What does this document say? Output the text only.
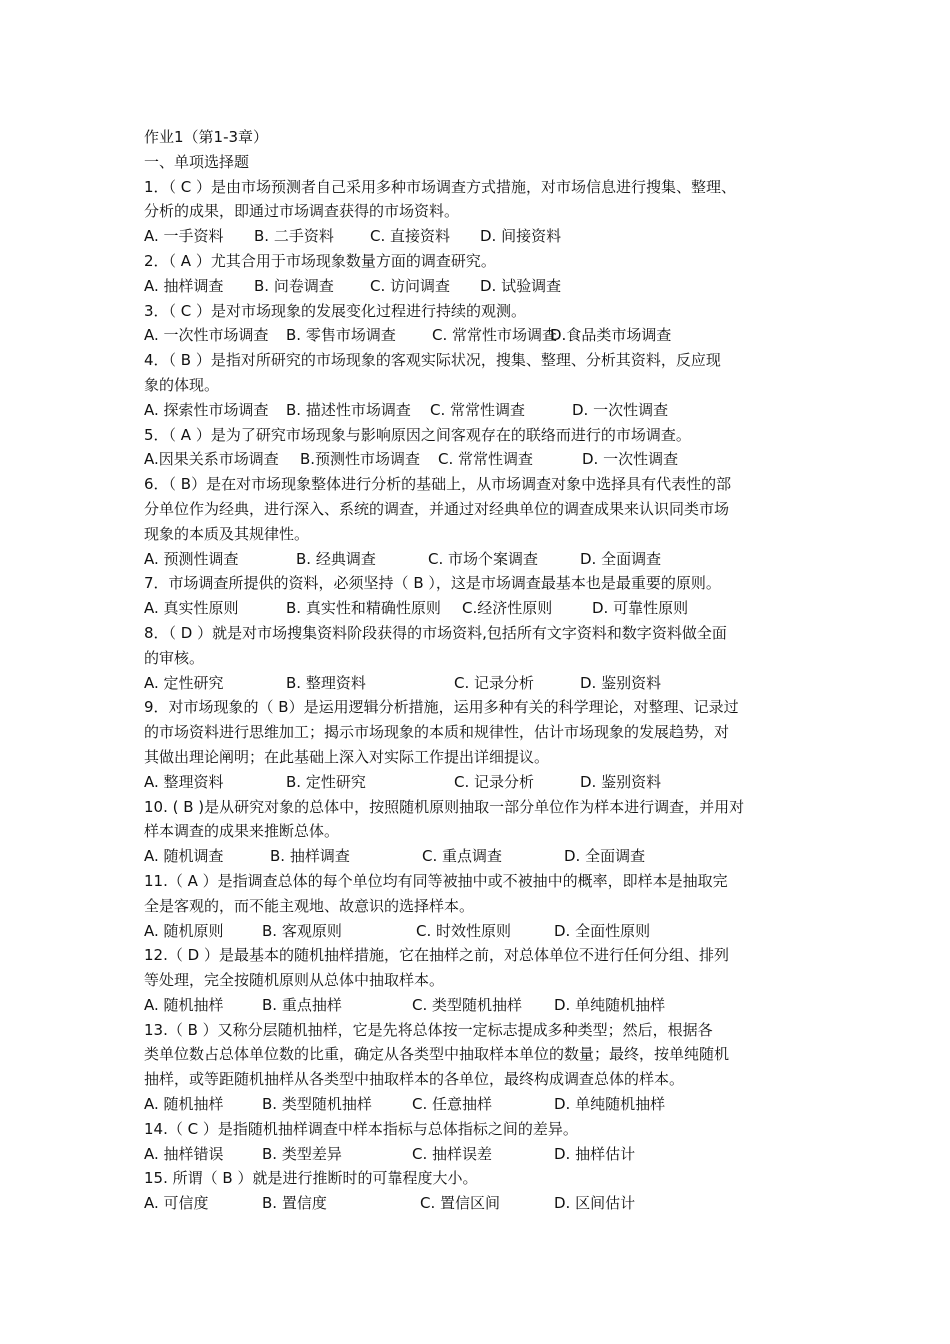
作业1（第1-3章）
一、单项选择题
1．（ C ）是由市场预测者自己采用多种市场调查方式措施，对市场信息进行搜集、整理、
分析的成果，即通过市场调查获得的市场资料。
A. 一手资料 B. 二手资料 C. 直接资料 D. 间接资料
2．（ A ）尤其合用于市场现象数量方面的调查研究。
A. 抽样调查 B. 问卷调查 C. 访问调查 D. 试验调查
3．（ C ）是对市场现象的发展变化过程进行持续的观测。
A. 一次性市场调查 B. 零售市场调查 C. 常常性市场调查
D.食品类市场调查
4．（ B ）是指对所研究的市场现象的客观实际状况，搜集、整理、分析其资料，反应现
象的体现。
A. 探索性市场调查 B. 描述性市场调查 C. 常常性调查	D. 一次性调查
5．（ A ）是为了研究市场现象与影响原因之间客观存在的联络而进行的市场调查。
A.因果关系市场调查 B.预测性市场调查 C. 常常性调查	D. 一次性调查
6．（ B）是在对市场现象整体进行分析的基础上，从市场调查对象中选择具有代表性的部
分单位作为经典，进行深入、系统的调查，并通过对经典单位的调查成果来认识同类市场
现象的本质及其规律性。
A. 预测性调查	B. 经典调查	C. 市场个案调查	D. 全面调查
7．市场调查所提供的资料，必须坚持（ B ），这是市场调查最基本也是最重要的原则。
A. 真实性原则	B. 真实性和精确性原则 C.经济性原则	D. 可靠性原则
8．（ D ）就是对市场搜集资料阶段获得的市场资料,包括所有文字资料和数字资料做全面
的审核。
A. 定性研究	B. 整理资料	C. 记录分析	D. 鉴别资料
9．对市场现象的（ B）是运用逻辑分析措施，运用多种有关的科学理论，对整理、记录过
的市场资料进行思维加工；揭示市场现象的本质和规律性，估计市场现象的发展趋势，对
其做出理论阐明；在此基础上深入对实际工作提出详细提议。
A. 整理资料	B. 定性研究	C. 记录分析	D. 鉴别资料
10. ( B )是从研究对象的总体中，按照随机原则抽取一部分单位作为样本进行调查，并用对
样本调查的成果来推断总体。
A. 随机调查	B. 抽样调查	C. 重点调查	D. 全面调查
11.（ A ）是指调查总体的每个单位均有同等被抽中或不被抽中的概率，即样本是抽取完
全是客观的，而不能主观地、故意识的选择样本。
A. 随机原则	B. 客观原则	C. 时效性原则	D. 全面性原则
12.（ D ）是最基本的随机抽样措施，它在抽样之前，对总体单位不进行任何分组、排列
等处理，完全按随机原则从总体中抽取样本。
A. 随机抽样	B. 重点抽样	C. 类型随机抽样 D. 单纯随机抽样
13.（ B ）又称分层随机抽样，它是先将总体按一定标志提成多种类型；然后，根据各
类单位数占总体单位数的比重，确定从各类型中抽取样本单位的数量；最终，按单纯随机
抽样，或等距随机抽样从各类型中抽取样本的各单位，最终构成调查总体的样本。
A. 随机抽样	B. 类型随机抽样	C. 任意抽样	D. 单纯随机抽样
14.（ C ）是指随机抽样调查中样本指标与总体指标之间的差异。
A. 抽样错误	B. 类型差异	C. 抽样误差	D. 抽样估计
15. 所谓（ B ）就是进行推断时的可靠程度大小。
A. 可信度	B. 置信度	C. 置信区间	D. 区间估计
